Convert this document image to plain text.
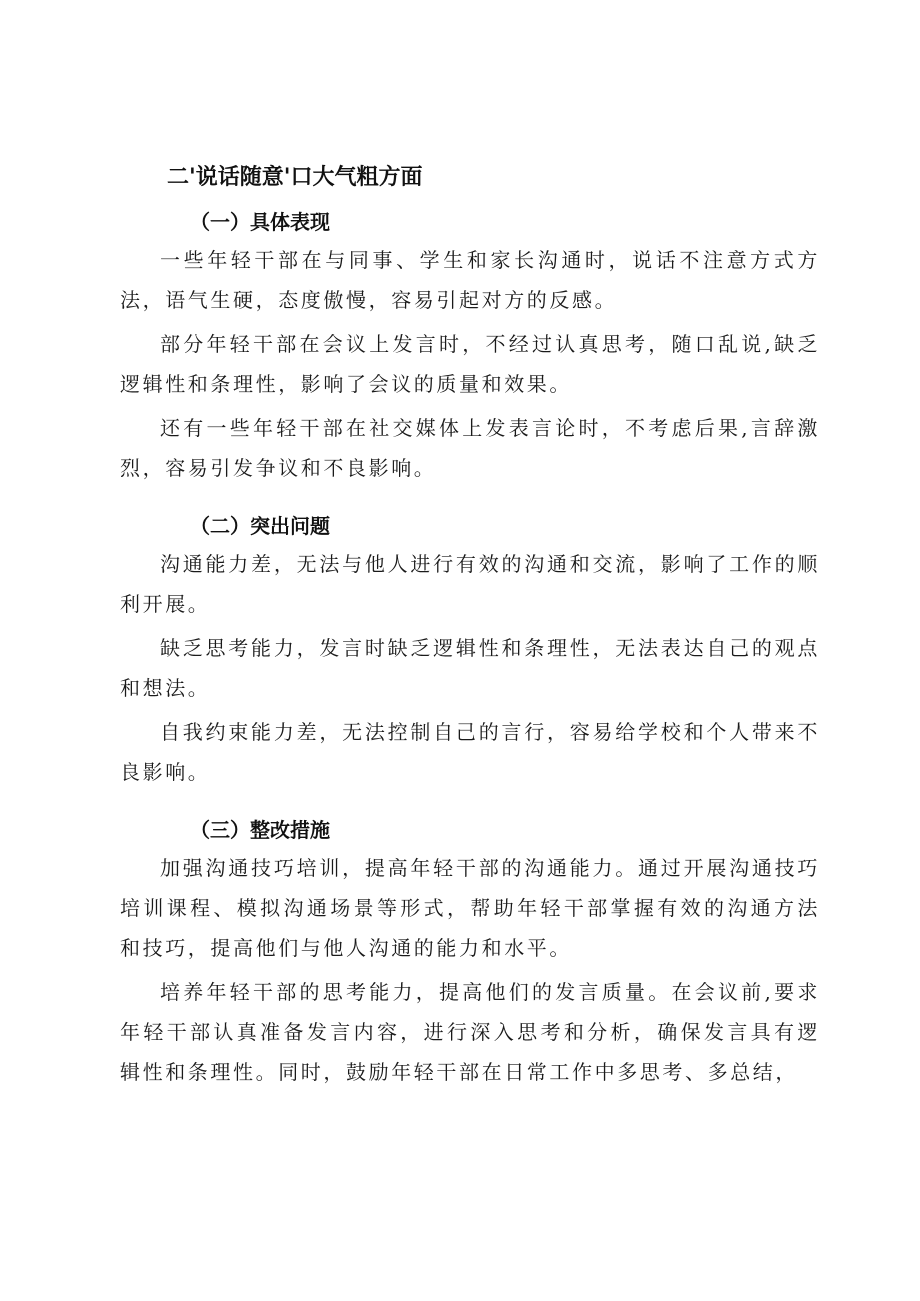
二'说话随意'口大气粗方面
（一）具体表现

一些年轻干部在与同事、学生和家长沟通时，说话不注意方式方法，语气生硬，态度傲慢，容易引起对方的反感。

部分年轻干部在会议上发言时，不经过认真思考，随口乱说,缺乏逻辑性和条理性，影响了会议的质量和效果。

还有一些年轻干部在社交媒体上发表言论时，不考虑后果,言辞激烈，容易引发争议和不良影响。

（二）突出问题

沟通能力差，无法与他人进行有效的沟通和交流，影响了工作的顺利开展。

缺乏思考能力，发言时缺乏逻辑性和条理性，无法表达自己的观点和想法。

自我约束能力差，无法控制自己的言行，容易给学校和个人带来不良影响。

（三）整改措施

加强沟通技巧培训，提高年轻干部的沟通能力。通过开展沟通技巧培训课程、模拟沟通场景等形式，帮助年轻干部掌握有效的沟通方法和技巧，提高他们与他人沟通的能力和水平。

培养年轻干部的思考能力，提高他们的发言质量。在会议前,要求年轻干部认真准备发言内容，进行深入思考和分析，确保发言具有逻辑性和条理性。同时，鼓励年轻干部在日常工作中多思考、多总结，
